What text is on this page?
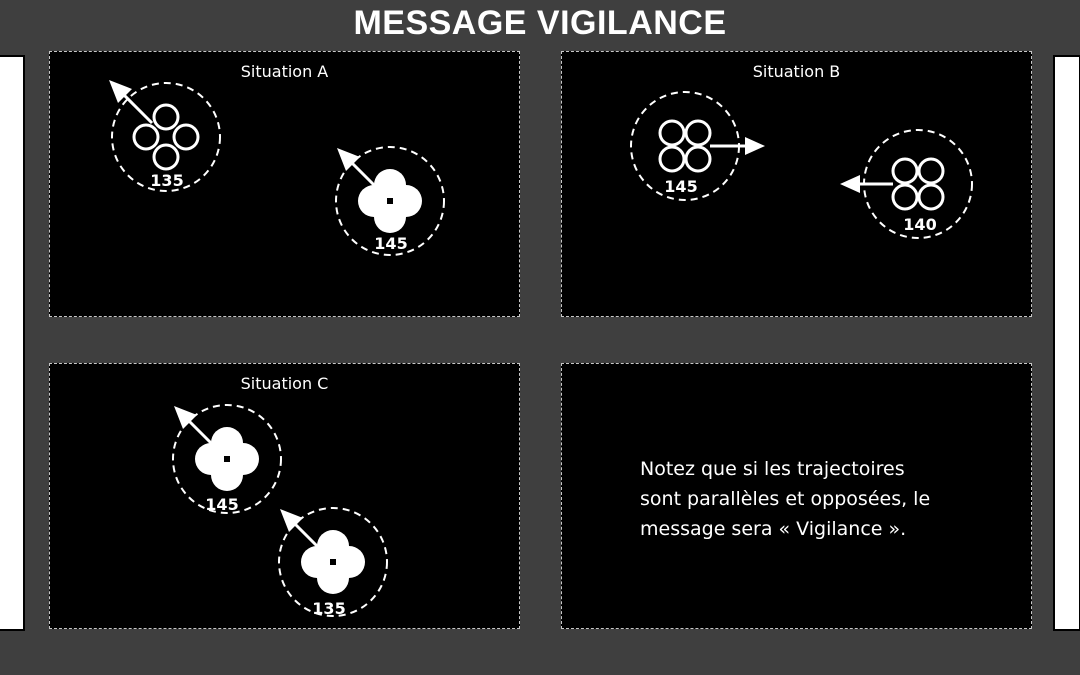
MESSAGE VIGILANCE
Situation A
135
145
Situation B
145
140
Situation C
145
135
Notez que si les trajectoires
sont parallèles et opposées, le
message sera « Vigilance ».
